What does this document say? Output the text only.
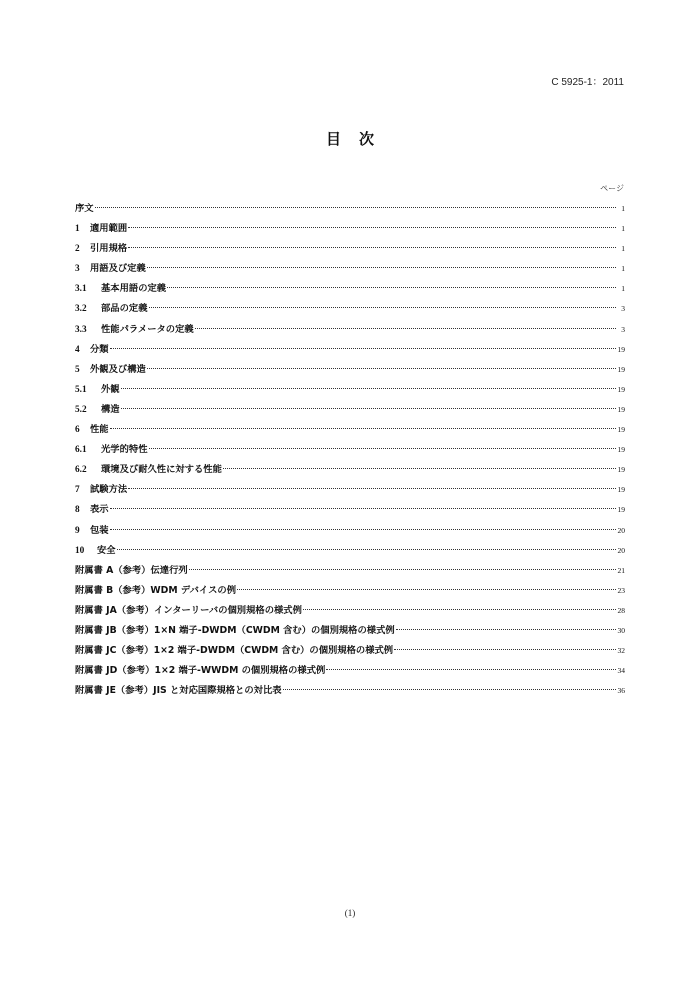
C 5925-1：2011
目次
ページ
序文	1
1 適用範囲	1
2 引用規格	1
3 用語及び定義	1
3.1 基本用語の定義	1
3.2 部品の定義	3
3.3 性能パラメータの定義	3
4 分類	19
5 外観及び構造	19
5.1 外観	19
5.2 構造	19
6 性能	19
6.1 光学的特性	19
6.2 環境及び耐久性に対する性能	19
7 試験方法	19
8 表示	19
9 包装	20
10 安全	20
附属書 A（参考）伝達行列	21
附属書 B（参考）WDM デバイスの例	23
附属書 JA（参考）インターリーバの個別規格の様式例	28
附属書 JB（参考）1×N 端子-DWDM（CWDM 含む）の個別規格の様式例	30
附属書 JC（参考）1×2 端子-DWDM（CWDM 含む）の個別規格の様式例	32
附属書 JD（参考）1×2 端子-WWDM の個別規格の様式例	34
附属書 JE（参考）JIS と対応国際規格との対比表	36
(1)
